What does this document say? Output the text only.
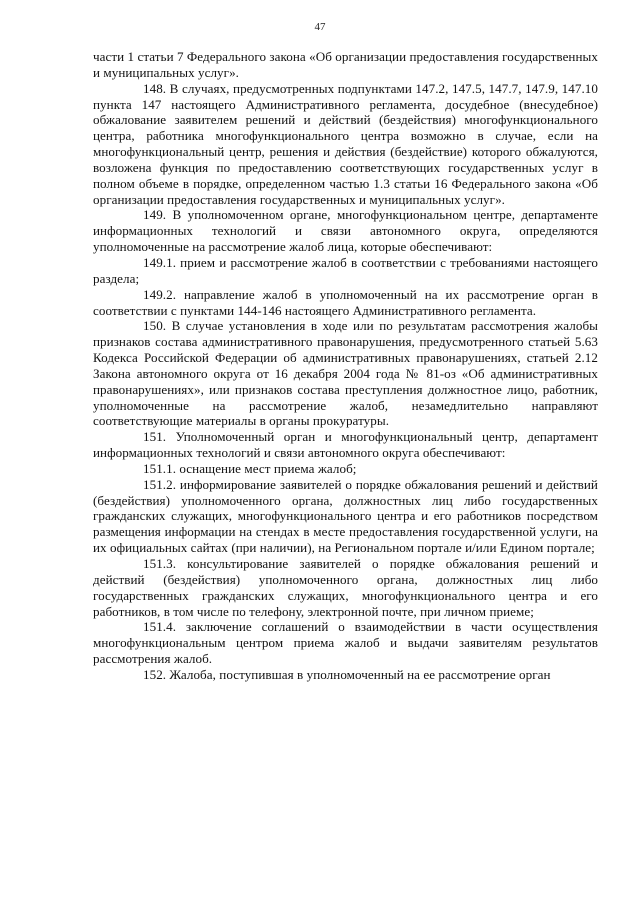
47

части 1 статьи 7 Федерального закона «Об организации предоставления государственных и муниципальных услуг».

148. В случаях, предусмотренных подпунктами 147.2, 147.5, 147.7, 147.9, 147.10 пункта 147 настоящего Административного регламента, досудебное (внесудебное) обжалование заявителем решений и действий (бездействия) многофункционального центра, работника многофункционального центра возможно в случае, если на многофункциональный центр, решения и действия (бездействие) которого обжалуются, возложена функция по предоставлению соответствующих государственных услуг в полном объеме в порядке, определенном частью 1.3 статьи 16 Федерального закона «Об организации предоставления государственных и муниципальных услуг».

149. В уполномоченном органе, многофункциональном центре, департаменте информационных технологий и связи автономного округа, определяются уполномоченные на рассмотрение жалоб лица, которые обеспечивают:

149.1. прием и рассмотрение жалоб в соответствии с требованиями настоящего раздела;

149.2. направление жалоб в уполномоченный на их рассмотрение орган в соответствии с пунктами 144-146 настоящего Административного регламента.

150. В случае установления в ходе или по результатам рассмотрения жалобы признаков состава административного правонарушения, предусмотренного статьей 5.63 Кодекса Российской Федерации об административных правонарушениях, статьей 2.12 Закона автономного округа от 16 декабря 2004 года № 81-оз «Об административных правонарушениях», или признаков состава преступления должностное лицо, работник, уполномоченные на рассмотрение жалоб, незамедлительно направляют соответствующие материалы в органы прокуратуры.

151. Уполномоченный орган и многофункциональный центр, департамент информационных технологий и связи автономного округа обеспечивают:

151.1. оснащение мест приема жалоб;

151.2. информирование заявителей о порядке обжалования решений и действий (бездействия) уполномоченного органа, должностных лиц либо государственных гражданских служащих, многофункционального центра и его работников посредством размещения информации на стендах в месте предоставления государственной услуги, на их официальных сайтах (при наличии), на Региональном портале и/или Едином портале;

151.3. консультирование заявителей о порядке обжалования решений и действий (бездействия) уполномоченного органа, должностных лиц либо государственных гражданских служащих, многофункционального центра и его работников, в том числе по телефону, электронной почте, при личном приеме;

151.4. заключение соглашений о взаимодействии в части осуществления многофункциональным центром приема жалоб и выдачи заявителям результатов рассмотрения жалоб.

152. Жалоба, поступившая в уполномоченный на ее рассмотрение орган
